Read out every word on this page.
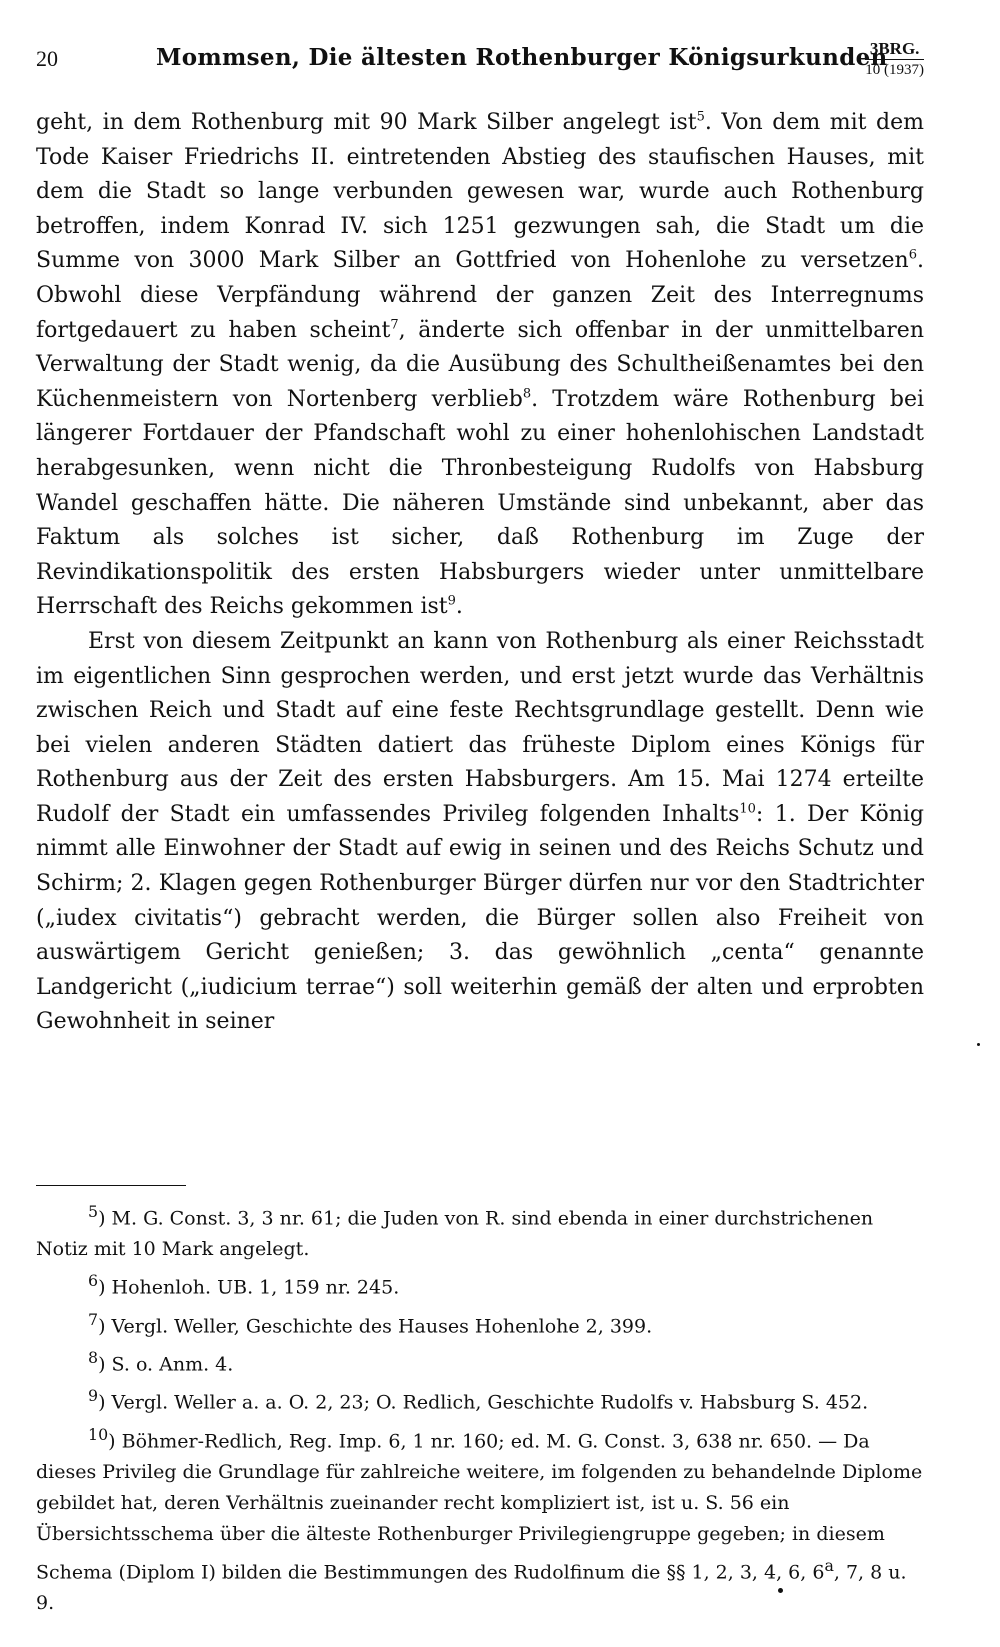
20	Mommsen, Die ältesten Rothenburger Königsurkunden
3BRG.
10 (1937)

geht, in dem Rothenburg mit 90 Mark Silber angelegt ist$^5$. Von dem mit dem Tode Kaiser Friedrichs II. eintretenden Abstieg des staufischen Hauses, mit dem die Stadt so lange verbunden gewesen war, wurde auch Rothenburg betroffen, indem Konrad IV. sich 1251 gezwungen sah, die Stadt um die Summe von 3000 Mark Silber an Gottfried von Hohenlohe zu versetzen$^6$. Obwohl diese Verpfändung während der ganzen Zeit des Interregnums fortgedauert zu haben scheint$^7$, änderte sich offenbar in der unmittelbaren Verwaltung der Stadt wenig, da die Ausübung des Schultheißenamtes bei den Küchenmeistern von Nortenberg verblieb$^8$. Trotzdem wäre Rothenburg bei längerer Fortdauer der Pfandschaft wohl zu einer hohenlohischen Landstadt herabgesunken, wenn nicht die Thronbesteigung Rudolfs von Habsburg Wandel geschaffen hätte. Die näheren Umstände sind unbekannt, aber das Faktum als solches ist sicher, daß Rothenburg im Zuge der Revindikationspolitik des ersten Habsburgers wieder unter unmittelbare Herrschaft des Reichs gekommen ist$^9$.

Erst von diesem Zeitpunkt an kann von Rothenburg als einer Reichsstadt im eigentlichen Sinn gesprochen werden, und erst jetzt wurde das Verhältnis zwischen Reich und Stadt auf eine feste Rechtsgrundlage gestellt. Denn wie bei vielen anderen Städten datiert das früheste Diplom eines Königs für Rothenburg aus der Zeit des ersten Habsburgers. Am 15. Mai 1274 erteilte Rudolf der Stadt ein umfassendes Privileg folgenden Inhalts$^{10}$: 1. Der König nimmt alle Einwohner der Stadt auf ewig in seinen und des Reichs Schutz und Schirm; 2. Klagen gegen Rothenburger Bürger dürfen nur vor den Stadtrichter („iudex civitatis“) gebracht werden, die Bürger sollen also Freiheit von auswärtigem Gericht genießen; 3. das gewöhnlich „centa“ genannte Landgericht („iudicium terrae“) soll weiterhin gemäß der alten und erprobten Gewohnheit in seiner

$^5$) M. G. Const. 3, 3 nr. 61; die Juden von R. sind ebenda in einer durchstrichenen Notiz mit 10 Mark angelegt.

$^6$) Hohenloh. UB. 1, 159 nr. 245.

$^7$) Vergl. Weller, Geschichte des Hauses Hohenlohe 2, 399.

$^8$) S. o. Anm. 4.

$^9$) Vergl. Weller a. a. O. 2, 23; O. Redlich, Geschichte Rudolfs v. Habsburg S. 452.

$^{10}$) Böhmer-Redlich, Reg. Imp. 6, 1 nr. 160; ed. M. G. Const. 3, 638 nr. 650. — Da dieses Privileg die Grundlage für zahlreiche weitere, im folgenden zu behandelnde Diplome gebildet hat, deren Verhältnis zueinander recht kompliziert ist, ist u. S. 56 ein Übersichtsschema über die älteste Rothenburger Privilegiengruppe gegeben; in diesem Schema (Diplom I) bilden die Bestimmungen des Rudolfinum die §§ 1, 2, 3, 4, 6, 6$^a$, 7, 8 u. 9.
